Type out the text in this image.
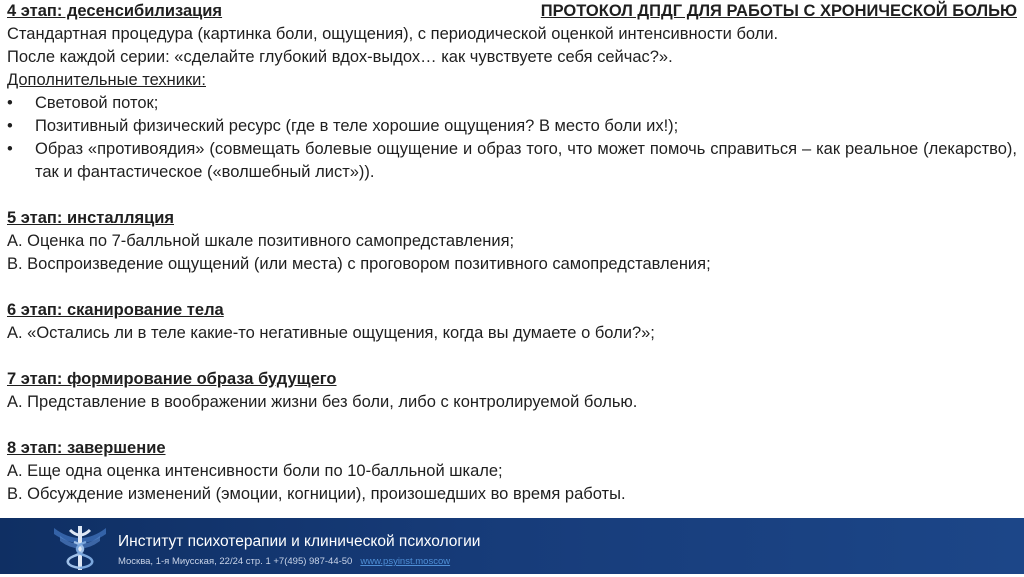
4 этап: десенсибилизация	ПРОТОКОЛ ДПДГ ДЛЯ РАБОТЫ С ХРОНИЧЕСКОЙ БОЛЬЮ
Стандартная процедура (картинка боли, ощущения), с периодической оценкой интенсивности боли.
После каждой серии: «сделайте глубокий вдох-выдох… как чувствуете себя сейчас?».
Дополнительные техники:
•	Световой поток;
•	Позитивный физический ресурс (где в теле хорошие ощущения? В место боли их!);
•	Образ «противоядия» (совмещать болевые ощущение и образ того, что может помочь справиться – как реальное (лекарство), так и фантастическое («волшебный лист»)).
5 этап: инсталляция
А. Оценка по 7-балльной шкале позитивного самопредставления;
В. Воспроизведение ощущений (или места) с проговором позитивного самопредставления;
6 этап: сканирование тела
А. «Остались ли в теле какие-то негативные ощущения, когда вы думаете о боли?»;
7 этап: формирование образа будущего
А. Представление в воображении жизни без боли, либо с контролируемой болью.
8 этап: завершение
А. Еще одна оценка интенсивности боли по 10-балльной шкале;
В. Обсуждение изменений (эмоции, когниции), произошедших во время работы.
Институт психотерапии и клинической психологии
Москва, 1-я Миусская, 22/24 стр. 1 +7(495) 987-44-50 www.psyinst.moscow
